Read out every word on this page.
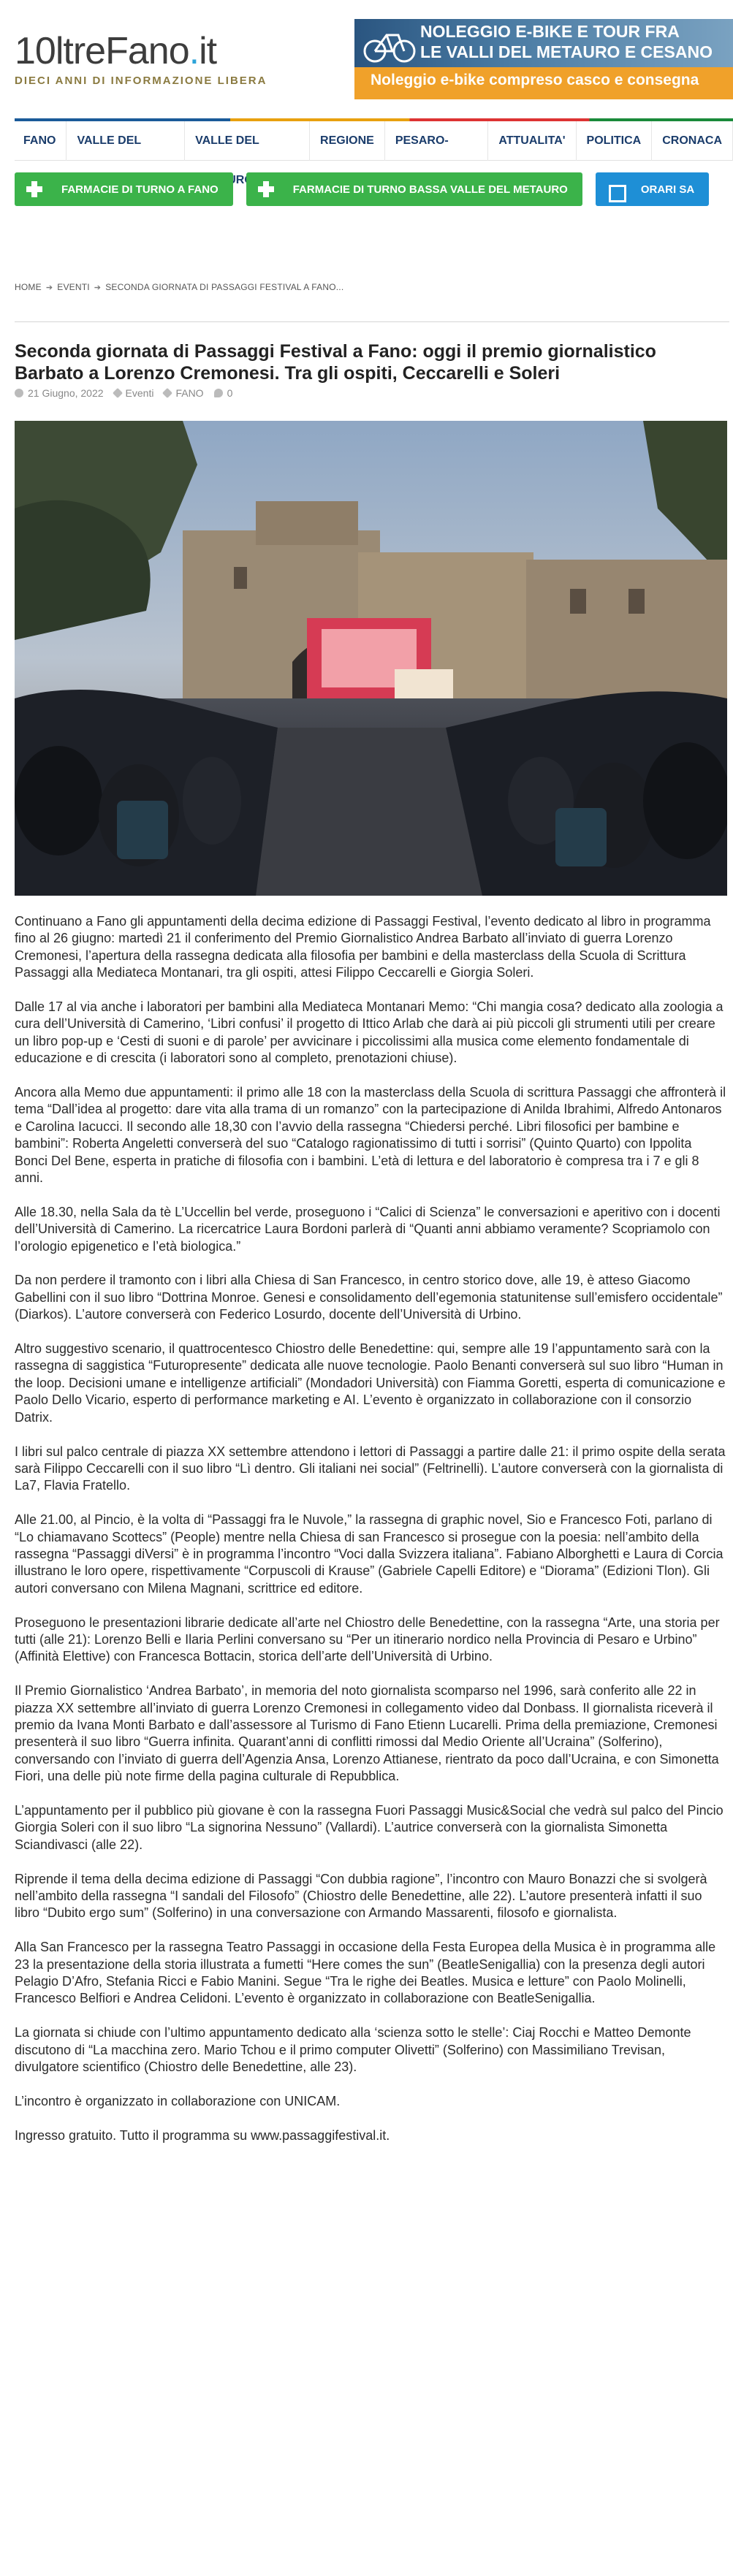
10 ltre Fano . it
DIECI ANNI DI INFORMAZIONE LIBERA
NOLEGGIO E-BIKE E TOUR FRA
LE VALLI DEL METAURO E CESANO
Noleggio e-bike compreso casco e consegna
FANO	VALLE DEL	VALLE DEL	REGIONE	PESARO-	ATTUALITA'	POLITICA	CRONACA
FARMACIE DI TURNO A FANO	FARMACIE DI TURNO BASSA VALLE DEL METAURO	ORARI SA
HOME ➔ EVENTI ➔ SECONDA GIORNATA DI PASSAGGI FESTIVAL A FANO...
Seconda giornata di Passaggi Festival a Fano: oggi il premio giornalistico Barbato a Lorenzo Cremonesi. Tra gli ospiti, Ceccarelli e Soleri
21 Giugno, 2022 Eventi FANO 0

Continuano a Fano gli appuntamenti della decima edizione di Passaggi Festival, l’evento dedicato al libro in programma fino al 26 giugno: martedì 21 il conferimento del Premio Giornalistico Andrea Barbato all’inviato di guerra Lorenzo Cremonesi, l’apertura della rassegna dedicata alla filosofia per bambini e della masterclass della Scuola di Scrittura Passaggi alla Mediateca Montanari, tra gli ospiti, attesi Filippo Ceccarelli e Giorgia Soleri.

Dalle 17 al via anche i laboratori per bambini alla Mediateca Montanari Memo: “Chi mangia cosa? dedicato alla zoologia a cura dell’Università di Camerino, ‘Libri confusi’ il progetto di Ittico Arlab che darà ai più piccoli gli strumenti utili per creare un libro pop-up e ‘Cesti di suoni e di parole’ per avvicinare i piccolissimi alla musica come elemento fondamentale di educazione e di crescita (i laboratori sono al completo, prenotazioni chiuse).

Ancora alla Memo due appuntamenti: il primo alle 18 con la masterclass della Scuola di scrittura Passaggi che affronterà il tema “Dall’idea al progetto: dare vita alla trama di un romanzo” con la partecipazione di Anilda Ibrahimi, Alfredo Antonaros e Carolina Iacucci. Il secondo alle 18,30 con l’avvio della rassegna “Chiedersi perché. Libri filosofici per bambine e bambini”: Roberta Angeletti converserà del suo “Catalogo ragionatissimo di tutti i sorrisi” (Quinto Quarto) con Ippolita Bonci Del Bene, esperta in pratiche di filosofia con i bambini. L’età di lettura e del laboratorio è compresa tra i 7 e gli 8 anni.

Alle 18.30, nella Sala da tè L’Uccellin bel verde, proseguono i “Calici di Scienza” le conversazioni e aperitivo con i docenti dell’Università di Camerino. La ricercatrice Laura Bordoni parlerà di “Quanti anni abbiamo veramente? Scopriamolo con l’orologio epigenetico e l’età biologica.”

Da non perdere il tramonto con i libri alla Chiesa di San Francesco, in centro storico dove, alle 19, è atteso Giacomo Gabellini con il suo libro “Dottrina Monroe. Genesi e consolidamento dell’egemonia statunitense sull’emisfero occidentale” (Diarkos). L’autore converserà con Federico Losurdo, docente dell’Università di Urbino.

Altro suggestivo scenario, il quattrocentesco Chiostro delle Benedettine: qui, sempre alle 19 l’appuntamento sarà con la rassegna di saggistica “Futuropresente” dedicata alle nuove tecnologie. Paolo Benanti converserà sul suo libro “Human in the loop. Decisioni umane e intelligenze artificiali” (Mondadori Università) con Fiamma Goretti, esperta di comunicazione e Paolo Dello Vicario, esperto di performance marketing e AI. L’evento è organizzato in collaborazione con il consorzio Datrix.

I libri sul palco centrale di piazza XX settembre attendono i lettori di Passaggi a partire dalle 21: il primo ospite della serata sarà Filippo Ceccarelli con il suo libro “Lì dentro. Gli italiani nei social” (Feltrinelli). L’autore converserà con la giornalista di La7, Flavia Fratello.

Alle 21.00, al Pincio, è la volta di “Passaggi fra le Nuvole,” la rassegna di graphic novel, Sio e Francesco Foti, parlano di “Lo chiamavano Scottecs” (People) mentre nella Chiesa di san Francesco si prosegue con la poesia: nell’ambito della rassegna “Passaggi diVersi” è in programma l’incontro “Voci dalla Svizzera italiana”. Fabiano Alborghetti e Laura di Corcia illustrano le loro opere, rispettivamente “Corpuscoli di Krause” (Gabriele Capelli Editore) e “Diorama” (Edizioni Tlon). Gli autori conversano con Milena Magnani, scrittrice ed editore.

Proseguono le presentazioni librarie dedicate all’arte nel Chiostro delle Benedettine, con la rassegna “Arte, una storia per tutti (alle 21): Lorenzo Belli e Ilaria Perlini conversano su “Per un itinerario nordico nella Provincia di Pesaro e Urbino” (Affinità Elettive) con Francesca Bottacin, storica dell’arte dell’Università di Urbino.

Il Premio Giornalistico ‘Andrea Barbato’, in memoria del noto giornalista scomparso nel 1996, sarà conferito alle 22 in piazza XX settembre all’inviato di guerra Lorenzo Cremonesi in collegamento video dal Donbass. Il giornalista riceverà il premio da Ivana Monti Barbato e dall’assessore al Turismo di Fano Etienn Lucarelli. Prima della premiazione, Cremonesi presenterà il suo libro “Guerra infinita. Quarant’anni di conflitti rimossi dal Medio Oriente all’Ucraina” (Solferino), conversando con l’inviato di guerra dell’Agenzia Ansa, Lorenzo Attianese, rientrato da poco dall’Ucraina, e con Simonetta Fiori, una delle più note firme della pagina culturale di Repubblica.

L’appuntamento per il pubblico più giovane è con la rassegna Fuori Passaggi Music&Social che vedrà sul palco del Pincio Giorgia Soleri con il suo libro “La signorina Nessuno” (Vallardi). L’autrice converserà con la giornalista Simonetta Sciandivasci (alle 22).

Riprende il tema della decima edizione di Passaggi “Con dubbia ragione”, l’incontro con Mauro Bonazzi che si svolgerà nell’ambito della rassegna “I sandali del Filosofo” (Chiostro delle Benedettine, alle 22). L’autore presenterà infatti il suo libro “Dubito ergo sum” (Solferino) in una conversazione con Armando Massarenti, filosofo e giornalista.

Alla San Francesco per la rassegna Teatro Passaggi in occasione della Festa Europea della Musica è in programma alle 23 la presentazione della storia illustrata a fumetti “Here comes the sun” (BeatleSenigallia) con la presenza degli autori Pelagio D’Afro, Stefania Ricci e Fabio Manini. Segue “Tra le righe dei Beatles. Musica e letture” con Paolo Molinelli, Francesco Belfiori e Andrea Celidoni. L’evento è organizzato in collaborazione con BeatleSenigallia.

La giornata si chiude con l’ultimo appuntamento dedicato alla ‘scienza sotto le stelle’: Ciaj Rocchi e Matteo Demonte discutono di “La macchina zero. Mario Tchou e il primo computer Olivetti” (Solferino) con Massimiliano Trevisan, divulgatore scientifico (Chiostro delle Benedettine, alle 23).

L’incontro è organizzato in collaborazione con UNICAM.

Ingresso gratuito. Tutto il programma su www.passaggifestival.it.
